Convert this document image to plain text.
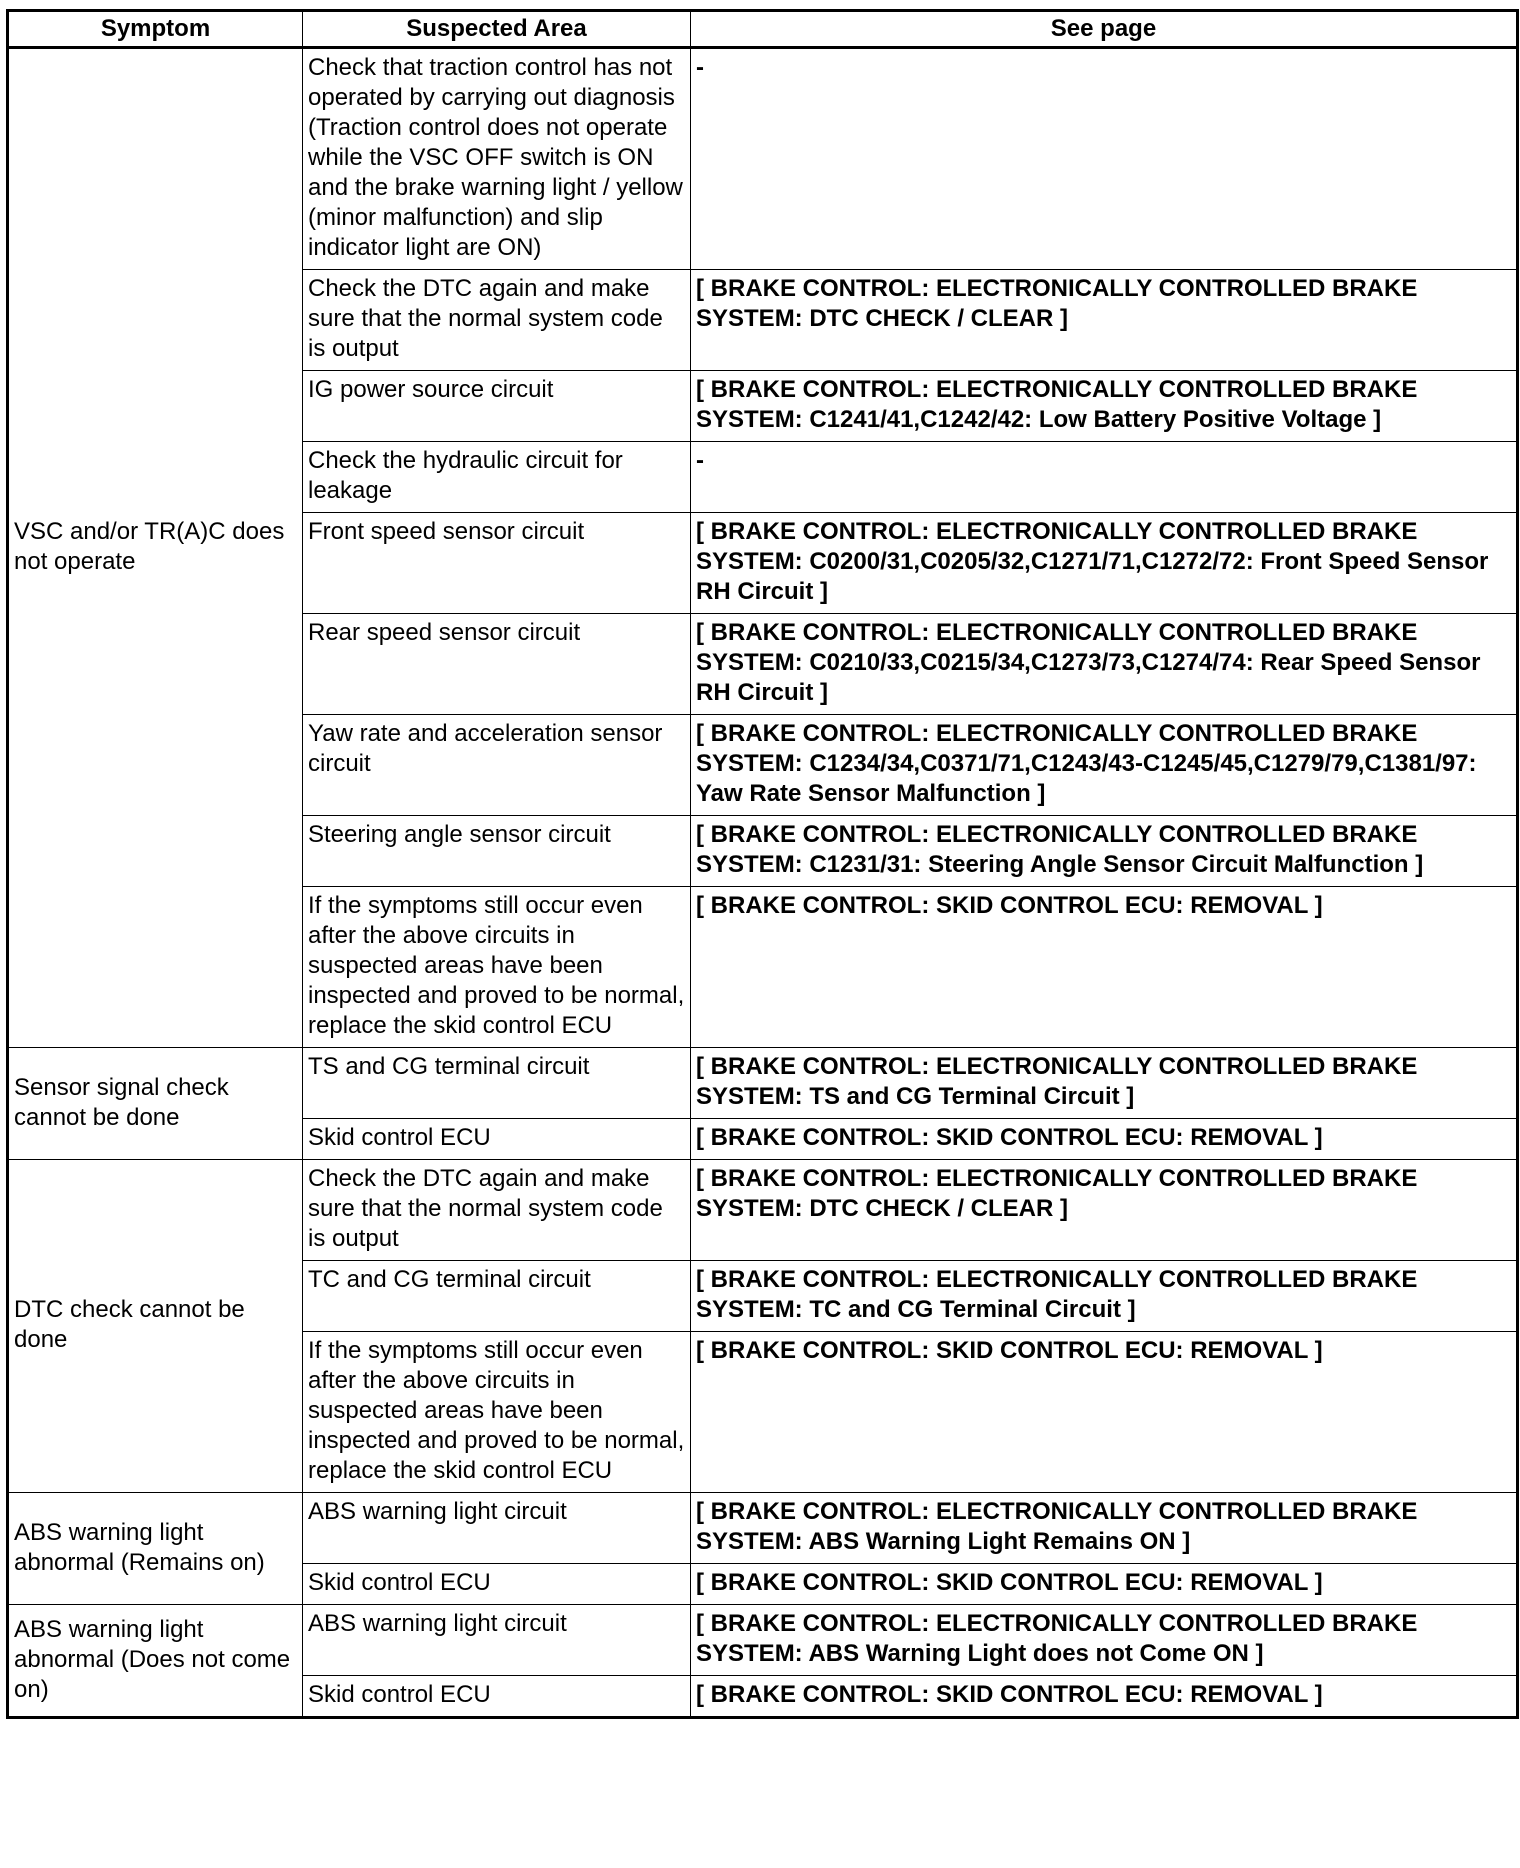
Symptom	Suspected Area	See page
VSC and/or TR(A)C does not operate	Check that traction control has not operated by carrying out diagnosis (Traction control does not operate while the VSC OFF switch is ON and the brake warning light / yellow (minor malfunction) and slip indicator light are ON)	-
	Check the DTC again and make sure that the normal system code is output	[ BRAKE CONTROL: ELECTRONICALLY CONTROLLED BRAKE SYSTEM: DTC CHECK / CLEAR ]
	IG power source circuit	[ BRAKE CONTROL: ELECTRONICALLY CONTROLLED BRAKE SYSTEM: C1241/41,C1242/42: Low Battery Positive Voltage ]
	Check the hydraulic circuit for leakage	-
	Front speed sensor circuit	[ BRAKE CONTROL: ELECTRONICALLY CONTROLLED BRAKE SYSTEM: C0200/31,C0205/32,C1271/71,C1272/72: Front Speed Sensor RH Circuit ]
	Rear speed sensor circuit	[ BRAKE CONTROL: ELECTRONICALLY CONTROLLED BRAKE SYSTEM: C0210/33,C0215/34,C1273/73,C1274/74: Rear Speed Sensor RH Circuit ]
	Yaw rate and acceleration sensor circuit	[ BRAKE CONTROL: ELECTRONICALLY CONTROLLED BRAKE SYSTEM: C1234/34,C0371/71,C1243/43-C1245/45,C1279/79,C1381/97: Yaw Rate Sensor Malfunction ]
	Steering angle sensor circuit	[ BRAKE CONTROL: ELECTRONICALLY CONTROLLED BRAKE SYSTEM: C1231/31: Steering Angle Sensor Circuit Malfunction ]
	If the symptoms still occur even after the above circuits in suspected areas have been inspected and proved to be normal, replace the skid control ECU	[ BRAKE CONTROL: SKID CONTROL ECU: REMOVAL ]
Sensor signal check cannot be done	TS and CG terminal circuit	[ BRAKE CONTROL: ELECTRONICALLY CONTROLLED BRAKE SYSTEM: TS and CG Terminal Circuit ]
	Skid control ECU	[ BRAKE CONTROL: SKID CONTROL ECU: REMOVAL ]
DTC check cannot be done	Check the DTC again and make sure that the normal system code is output	[ BRAKE CONTROL: ELECTRONICALLY CONTROLLED BRAKE SYSTEM: DTC CHECK / CLEAR ]
	TC and CG terminal circuit	[ BRAKE CONTROL: ELECTRONICALLY CONTROLLED BRAKE SYSTEM: TC and CG Terminal Circuit ]
	If the symptoms still occur even after the above circuits in suspected areas have been inspected and proved to be normal, replace the skid control ECU	[ BRAKE CONTROL: SKID CONTROL ECU: REMOVAL ]
ABS warning light abnormal (Remains on)	ABS warning light circuit	[ BRAKE CONTROL: ELECTRONICALLY CONTROLLED BRAKE SYSTEM: ABS Warning Light Remains ON ]
	Skid control ECU	[ BRAKE CONTROL: SKID CONTROL ECU: REMOVAL ]
ABS warning light abnormal (Does not come on)	ABS warning light circuit	[ BRAKE CONTROL: ELECTRONICALLY CONTROLLED BRAKE SYSTEM: ABS Warning Light does not Come ON ]
	Skid control ECU	[ BRAKE CONTROL: SKID CONTROL ECU: REMOVAL ]
